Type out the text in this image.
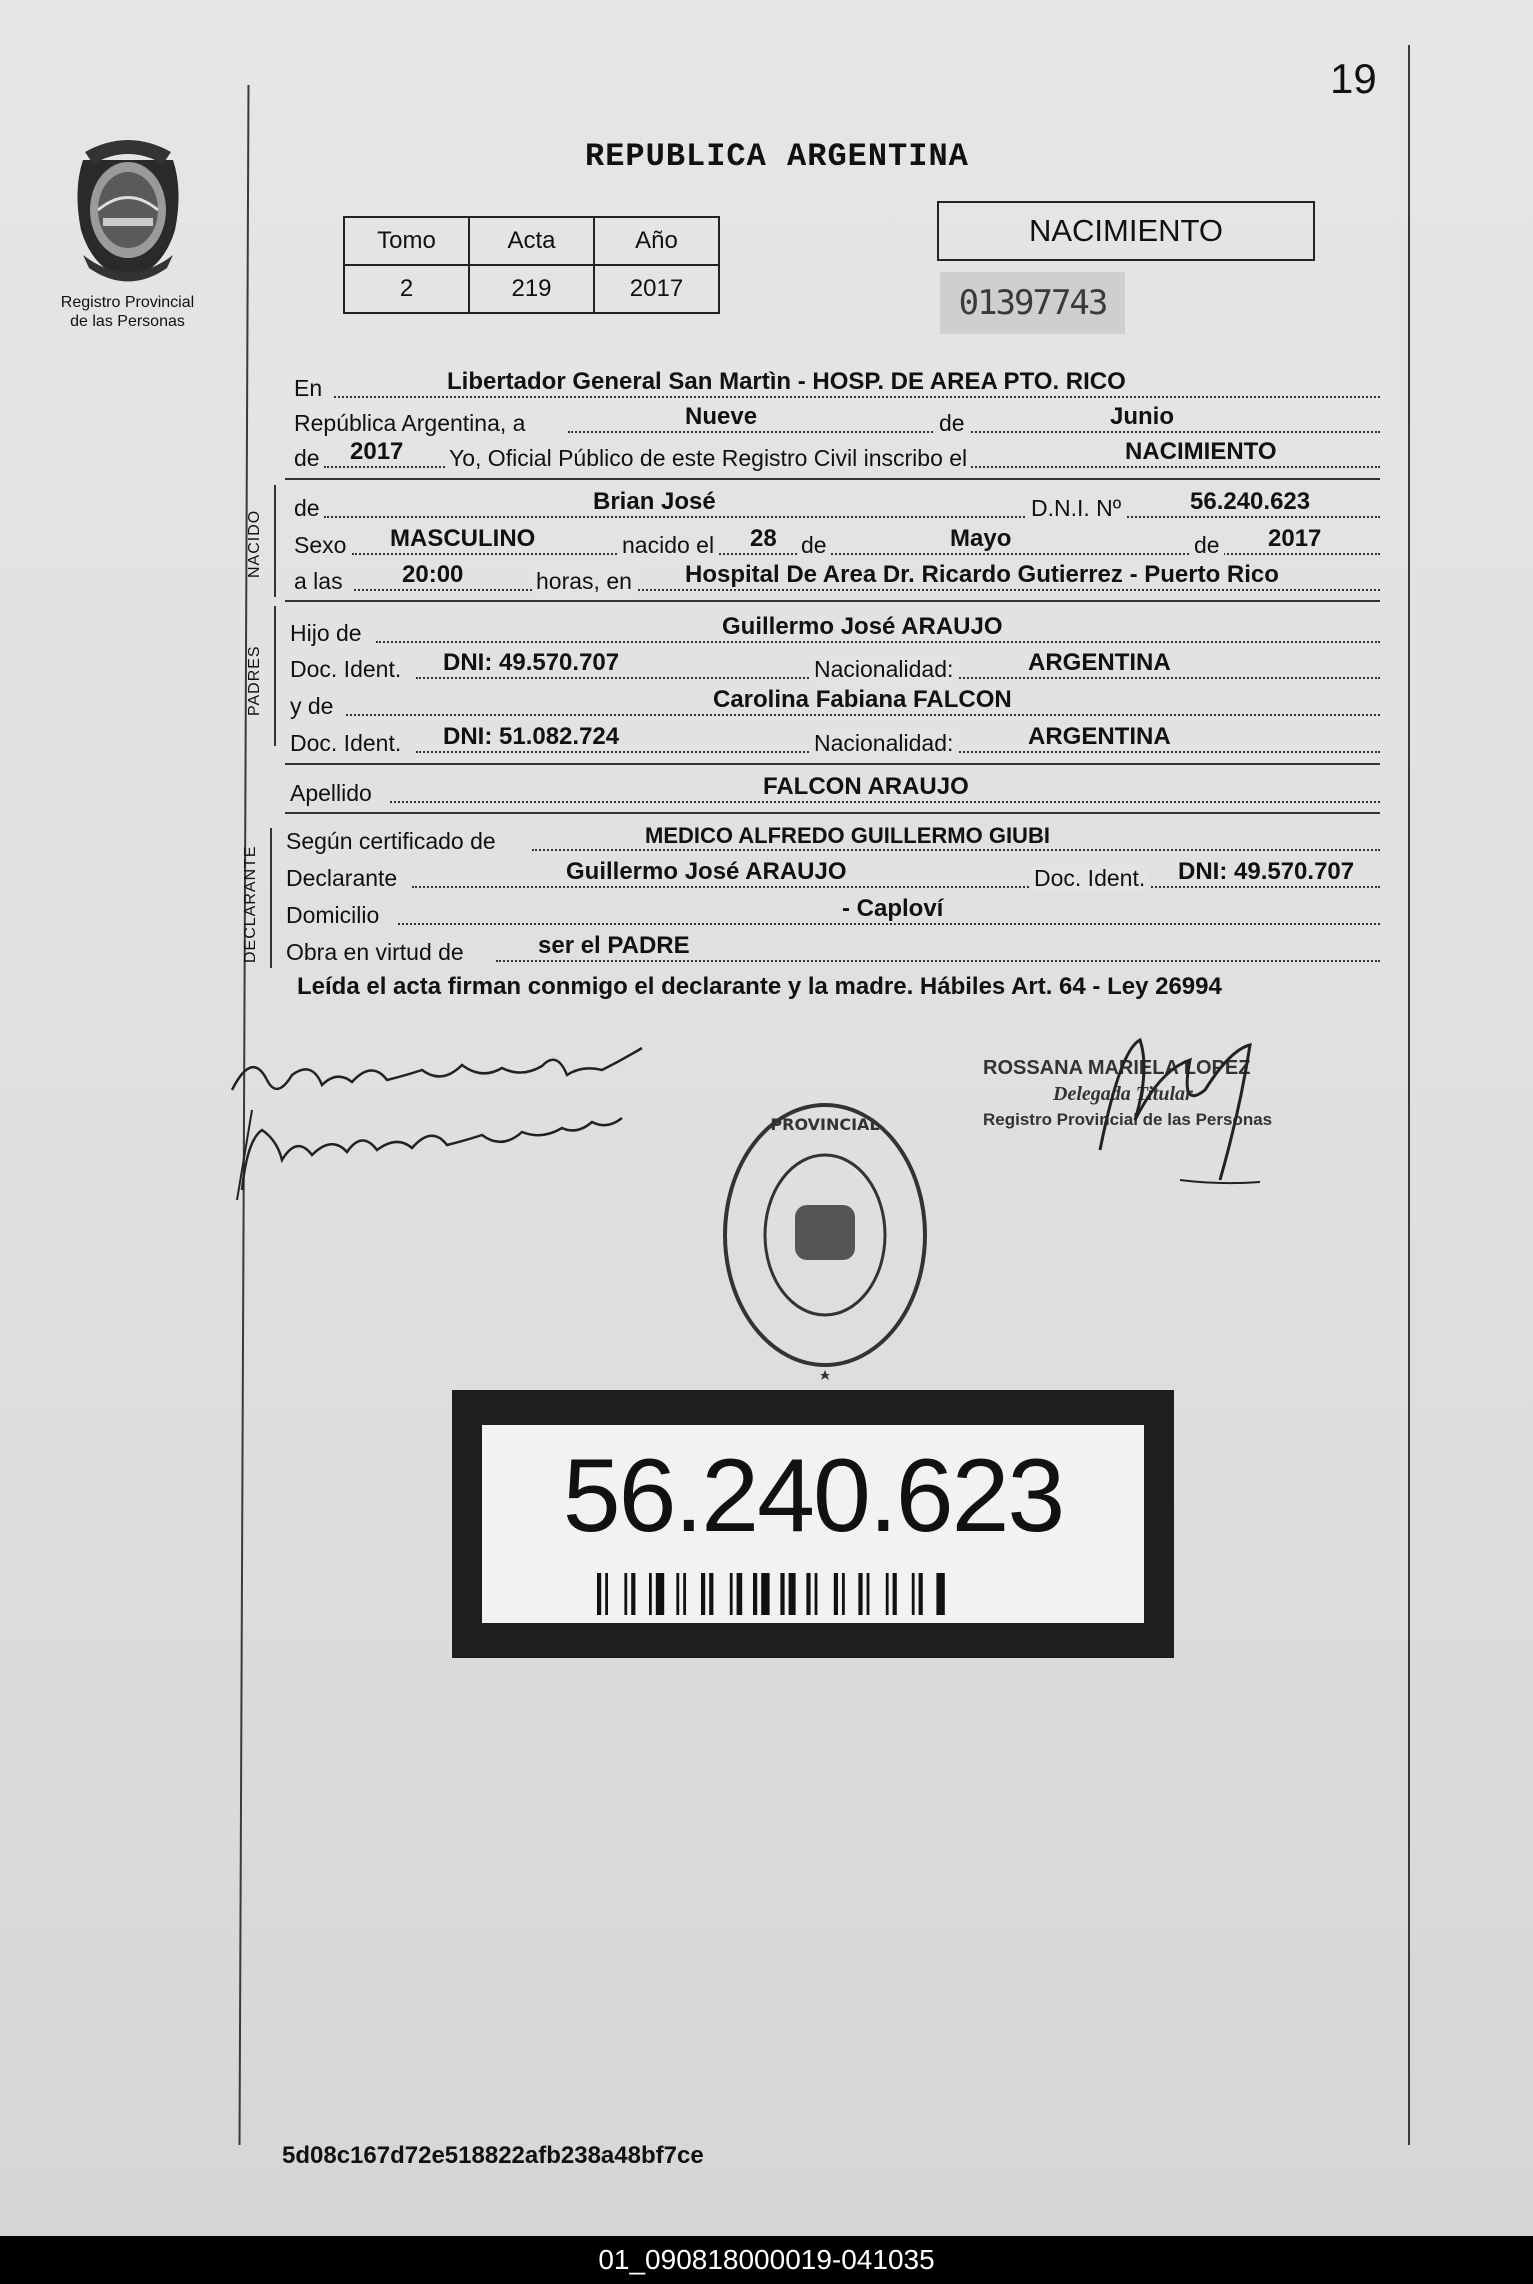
19
Registro Provincial
de las Personas
REPUBLICA ARGENTINA
Tomo	Acta	Año
2	219	2017
NACIMIENTO
01397743
En	Libertador General San Martìn - HOSP. DE AREA PTO. RICO
República Argentina, a	Nueve	de	Junio
de 2017 Yo, Oficial Público de este Registro Civil inscribo el	NACIMIENTO
NACIDO
de	Brian José	D.N.I. Nº	56.240.623
Sexo MASCULINO	nacido el 28 de	Mayo	de 2017
a las 20:00	horas, en Hospital De Area Dr. Ricardo Gutierrez - Puerto Rico
PADRES
Hijo de	Guillermo José ARAUJO
Doc. Ident. DNI: 49.570.707	Nacionalidad:	ARGENTINA
y de	Carolina Fabiana FALCON
Doc. Ident. DNI: 51.082.724	Nacionalidad:	ARGENTINA
Apellido	FALCON ARAUJO
DECLARANTE
Según certificado de	MEDICO ALFREDO GUILLERMO GIUBI
Declarante	Guillermo José ARAUJO	Doc. Ident. DNI: 49.570.707
Domicilio	- Caploví
Obra en virtud de	ser el PADRE
Leída el acta firman conmigo el declarante y la madre. Hábiles Art. 64 - Ley 26994
ROSSANA MARIELA LOPEZ
Delegada Titular
Registro Provincial de las Personas
PROVINCIAL
56.240.623
5d08c167d72e518822afb238a48bf7ce
01_090818000019-041035
